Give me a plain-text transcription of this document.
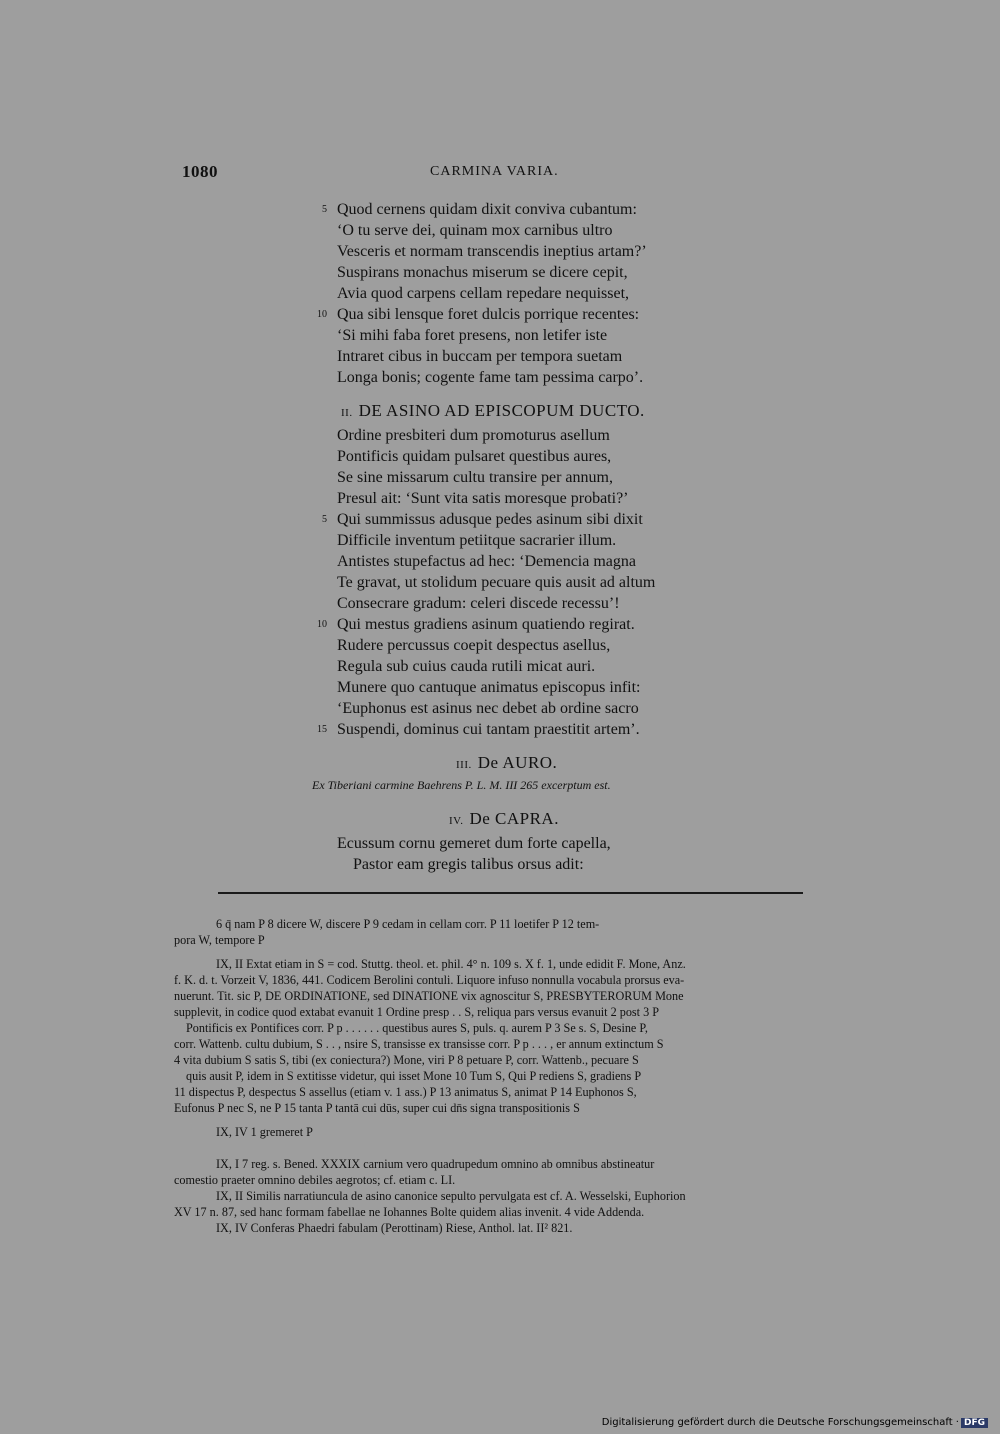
1080	CARMINA VARIA.
5 Quod cernens quidam dixit conviva cubantum:
‘O tu serve dei, quinam mox carnibus ultro
Vesceris et normam transcendis ineptius artam?’
Suspirans monachus miserum se dicere cepit,
Avia quod carpens cellam repedare nequisset,
10 Qua sibi lensque foret dulcis porrique recentes:
‘Si mihi faba foret presens, non letifer iste
Intraret cibus in buccam per tempora suetam
Longa bonis; cogente fame tam pessima carpo’.
II. DE ASINO AD EPISCOPUM DUCTO.
Ordine presbiteri dum promoturus asellum
Pontificis quidam pulsaret questibus aures,
Se sine missarum cultu transire per annum,
Presul ait: ‘Sunt vita satis moresque probati?’
5 Qui summissus adusque pedes asinum sibi dixit
Difficile inventum petiitque sacrarier illum.
Antistes stupefactus ad hec: ‘Demencia magna
Te gravat, ut stolidum pecuare quis ausit ad altum
Consecrare gradum: celeri discede recessu’!
10 Qui mestus gradiens asinum quatiendo regirat.
Rudere percussus coepit despectus asellus,
Regula sub cuius cauda rutili micat auri.
Munere quo cantuque animatus episcopus infit:
‘Euphonus est asinus nec debet ab ordine sacro
15 Suspendi, dominus cui tantam praestitit artem’.
III. De AURO.
Ex Tiberiani carmine Baehrens P. L. M. III 265 excerptum est.
IV. De CAPRA.
Ecussum cornu gemeret dum forte capella,
Pastor eam gregis talibus orsus adit:
6 q̄ nam P 8 dicere W, discere P 9 cedam in cellam corr. P 11 loetifer P 12 tem-
pora W, tempore P
IX, II Extat etiam in S = cod. Stuttg. theol. et. phil. 4° n. 109 s. X f. 1, unde edidit F. Mone, Anz.
f. K. d. t. Vorzeit V, 1836, 441. Codicem Berolini contuli. Liquore infuso nonnulla vocabula prorsus eva-
nuerunt. Tit. sic P, DE ORDINATIONE, sed DINATIONE vix agnoscitur S, PRESBYTERORUM Mone
supplevit, in codice quod extabat evanuit 1 Ordine presp . . S, reliqua pars versus evanuit 2 post 3 P
Pontificis ex Pontifices corr. P p . . . . . . questibus aures S, puls. q. aurem P 3 Se s. S, Desine P,
corr. Wattenb. cultu dubium, S . . , nsire S, transisse ex transisse corr. P p . . . , er annum extinctum S
4 vita dubium S satis S, tibi (ex coniectura?) Mone, viri P 8 petuare P, corr. Wattenb., pecuare S
quis ausit P, idem in S extitisse videtur, qui isset Mone 10 Tum S, Qui P rediens S, gradiens P
11 dispectus P, despectus S assellus (etiam v. 1 ass.) P 13 animatus S, animat P 14 Euphonos S,
Eufonus P nec S, ne P 15 tanta P tantā cui dūs, super cui dn̄s signa transpositionis S
IX, IV 1 gremeret P
IX, I 7 reg. s. Bened. XXXIX carnium vero quadrupedum omnino ab omnibus abstineatur
comestio praeter omnino debiles aegrotos; cf. etiam c. LI.
IX, II Similis narratiuncula de asino canonice sepulto pervulgata est cf. A. Wesselski, Euphorion
XV 17 n. 87, sed hanc formam fabellae ne Iohannes Bolte quidem alias invenit. 4 vide Addenda.
IX, IV Conferas Phaedri fabulam (Perottinam) Riese, Anthol. lat. II² 821.
Digitalisierung gefördert durch die Deutsche Forschungsgemeinschaft · DFG
